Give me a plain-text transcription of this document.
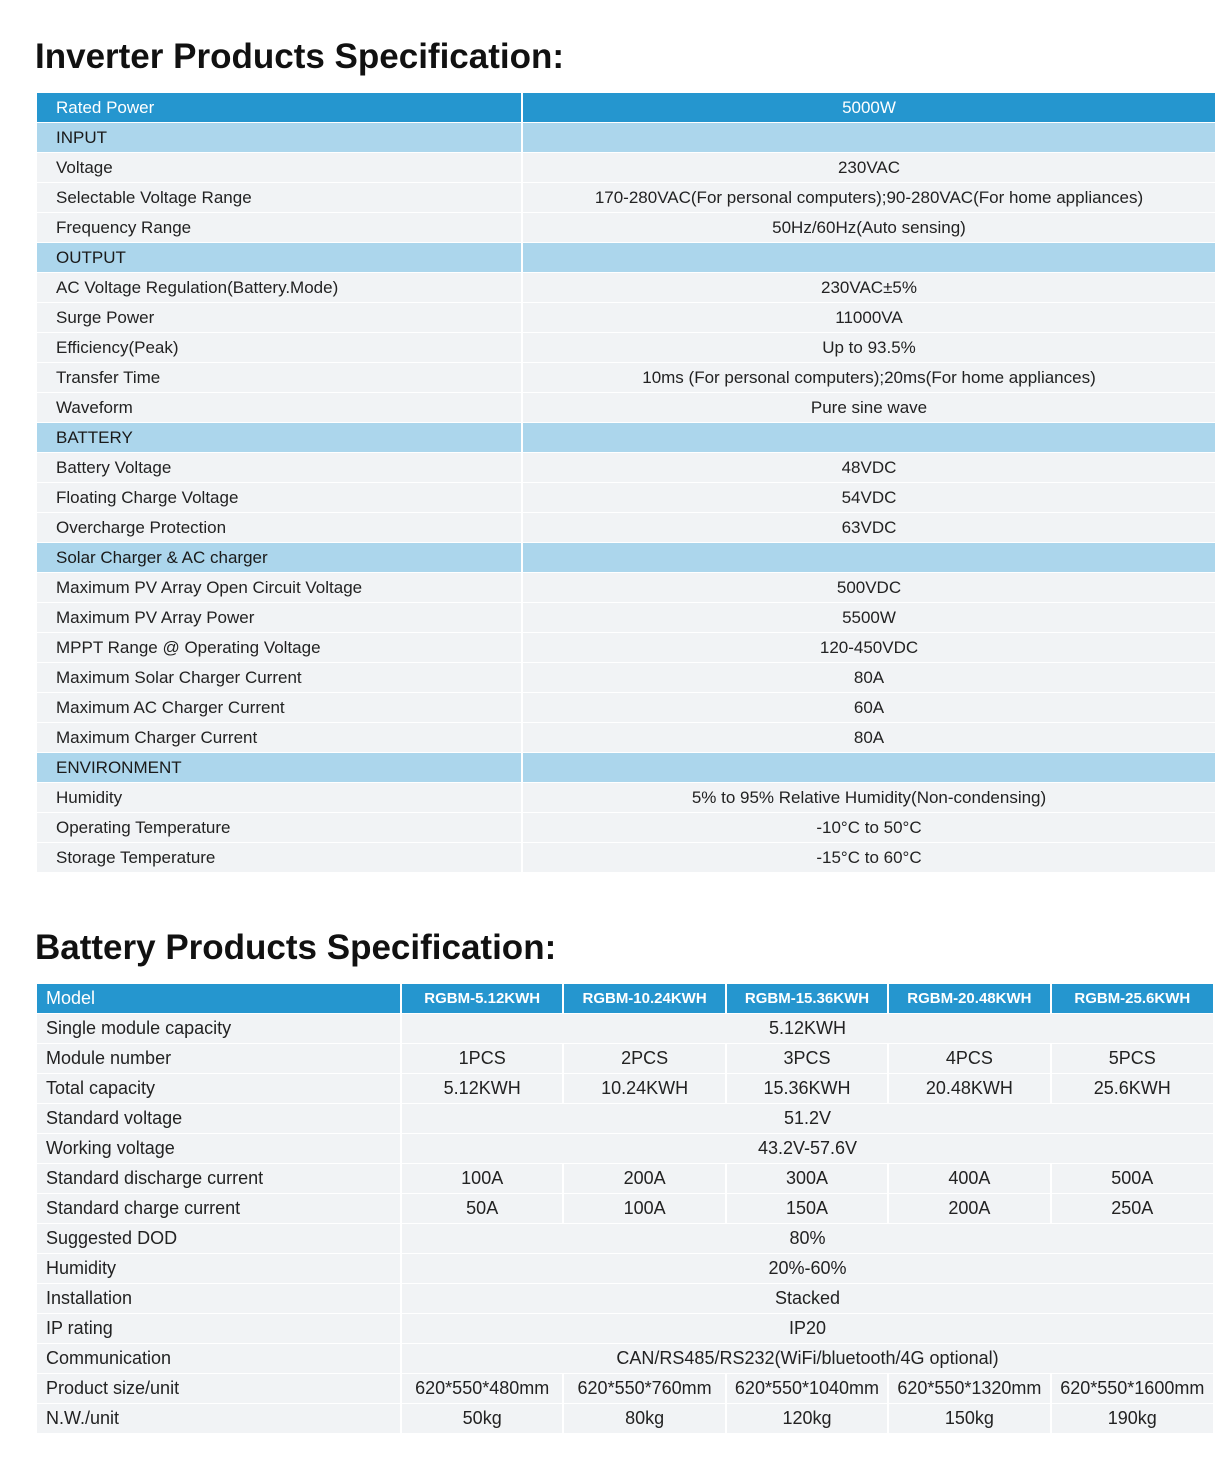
Inverter Products Specification:
Rated Power	5000W
INPUT	
Voltage	230VAC
Selectable Voltage Range	170-280VAC(For personal computers);90-280VAC(For home appliances)
Frequency Range	50Hz/60Hz(Auto sensing)
OUTPUT	
AC Voltage Regulation(Battery.Mode)	230VAC±5%
Surge Power	11000VA
Efficiency(Peak)	Up to 93.5%
Transfer Time	10ms (For personal computers);20ms(For home appliances)
Waveform	Pure sine wave
BATTERY	
Battery Voltage	48VDC
Floating Charge Voltage	54VDC
Overcharge Protection	63VDC
Solar Charger & AC charger	
Maximum PV Array Open Circuit Voltage	500VDC
Maximum PV Array Power	5500W
MPPT Range @ Operating Voltage	120-450VDC
Maximum Solar Charger Current	80A
Maximum AC Charger Current	60A
Maximum Charger Current	80A
ENVIRONMENT	
Humidity	5% to 95% Relative Humidity(Non-condensing)
Operating Temperature	-10°C to 50°C
Storage Temperature	-15°C to 60°C
Battery Products Specification:
Model	RGBM-5.12KWH	RGBM-10.24KWH	RGBM-15.36KWH	RGBM-20.48KWH	RGBM-25.6KWH
Single module capacity	5.12KWH				
Module number	1PCS	2PCS	3PCS	4PCS	5PCS
Total capacity	5.12KWH	10.24KWH	15.36KWH	20.48KWH	25.6KWH
Standard voltage	51.2V				
Working voltage	43.2V-57.6V				
Standard discharge current	100A	200A	300A	400A	500A
Standard charge current	50A	100A	150A	200A	250A
Suggested DOD	80%				
Humidity	20%-60%				
Installation	Stacked				
IP rating	IP20				
Communication	CAN/RS485/RS232(WiFi/bluetooth/4G optional)				
Product size/unit	620*550*480mm	620*550*760mm	620*550*1040mm	620*550*1320mm	620*550*1600mm
N.W./unit	50kg	80kg	120kg	150kg	190kg
